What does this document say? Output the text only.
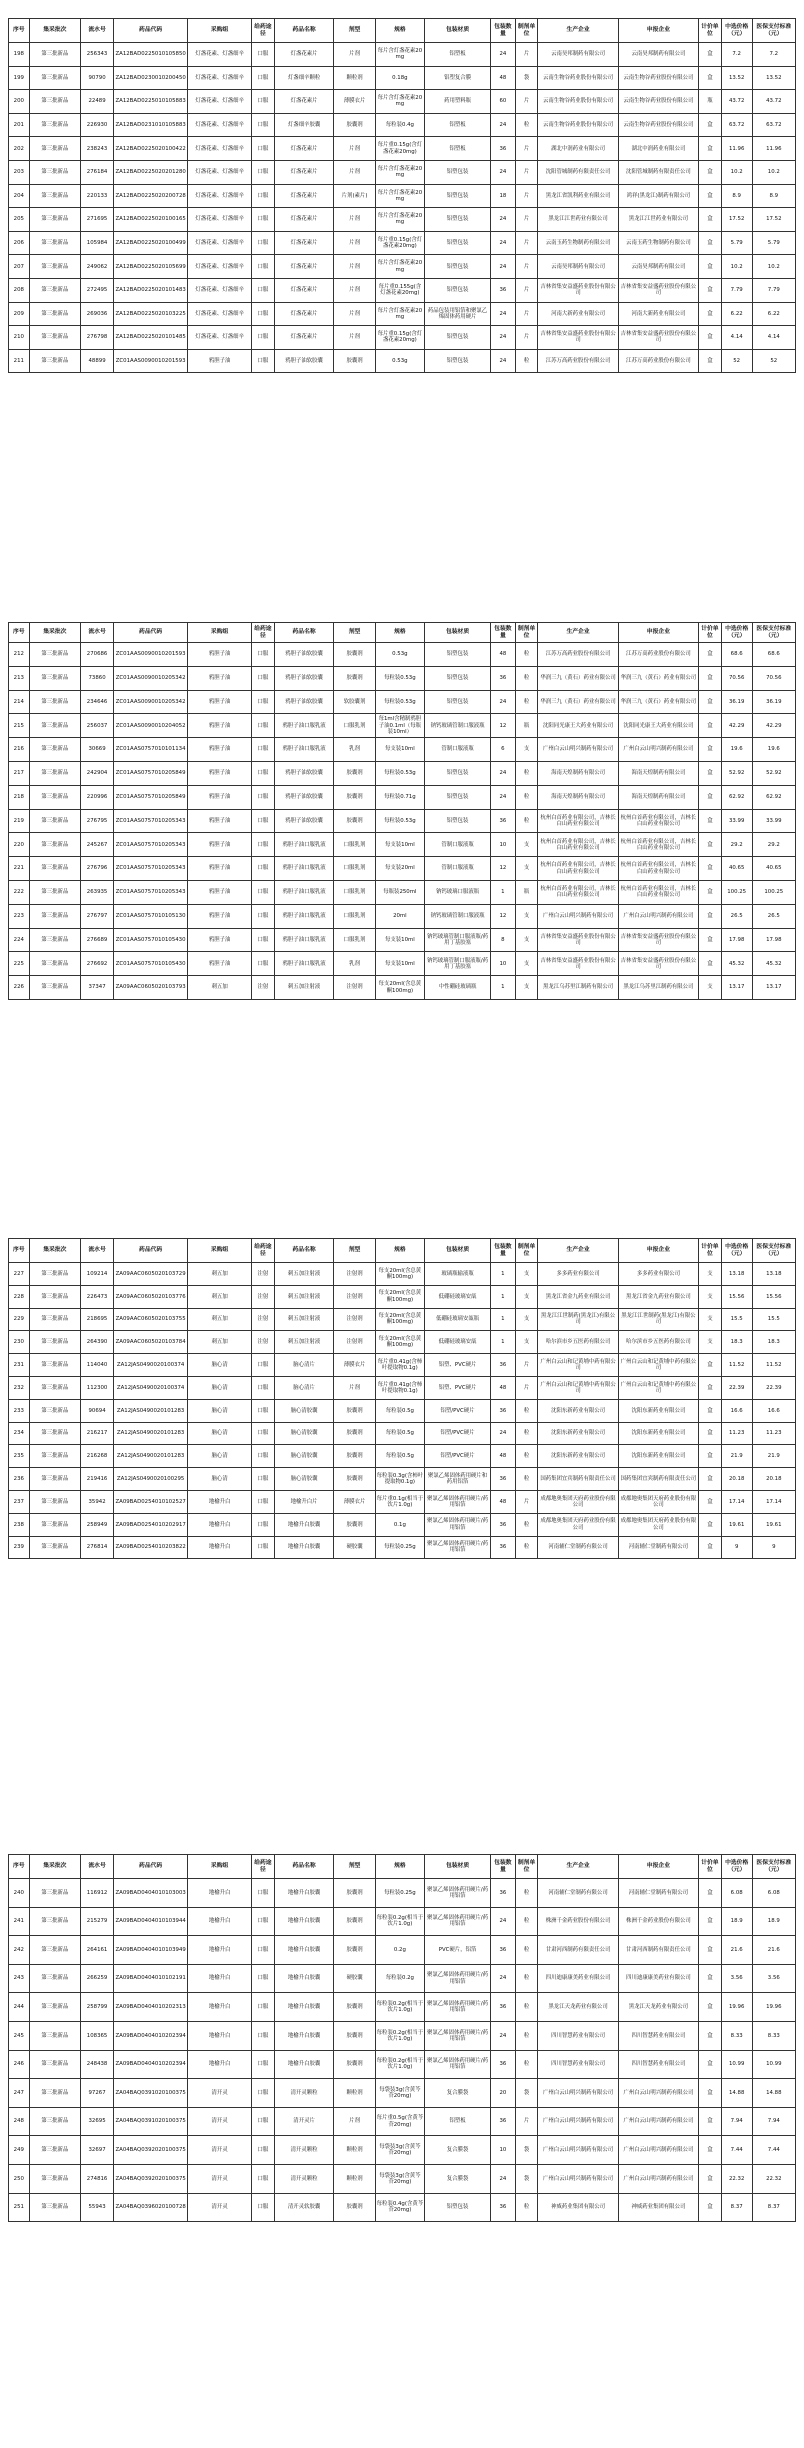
序号	集采批次	流水号	药品代码	采购组	给药途径	药品名称	剂型	规格	包装材质	包装数量	制剂单位	生产企业	申报企业	计价单位	中选价格（元）	医保支付标准（元）
198	第三批新品	256343	ZA12BAD0225010105850	灯盏花素、灯盏细辛	口服	灯盏花素片	片剂	每片含灯盏花素20mg	铝塑板	24	片	云南昊邦制药有限公司	云南昊邦制药有限公司	盒	7.2	7.2
199	第三批新品	90790	ZA12BAD0230010200450	灯盏花素、灯盏细辛	口服	灯盏细辛颗粒	颗粒剂	0.18g	铝塑复合膜	48	袋	云南生物谷药业股份有限公司	云南生物谷药业股份有限公司	盒	13.52	13.52
200	第三批新品	22489	ZA12BAD0225010105883	灯盏花素、灯盏细辛	口服	灯盏花素片	薄膜衣片	每片含灯盏花素20mg	药用塑料瓶	60	片	云南生物谷药业股份有限公司	云南生物谷药业股份有限公司	瓶	43.72	43.72
201	第三批新品	226930	ZA12BAD0231010105883	灯盏花素、灯盏细辛	口服	灯盏细辛胶囊	胶囊剂	每粒装0.4g	铝塑板	24	粒	云南生物谷药业股份有限公司	云南生物谷药业股份有限公司	盒	63.72	63.72
202	第三批新品	238243	ZA12BAD0225020100422	灯盏花素、灯盏细辛	口服	灯盏花素片	片剂	每片重0.15g(含灯盏花素20mg)	铝塑板	36	片	湖北中润药业有限公司	湖北中润药业有限公司	盒	11.96	11.96
203	第三批新品	276184	ZA12BAD0225020201280	灯盏花素、灯盏细辛	口服	灯盏花素片	片剂	每片含灯盏花素20mg	铝塑包装	24	片	沈阳管城制药有限责任公司	沈阳管城制药有限责任公司	盒	10.2	10.2
204	第三批新品	220133	ZA12BAD0225020200728	灯盏花素、灯盏细辛	口服	灯盏花素片	片剂(素片)	每片含灯盏花素20mg	铝塑包装	18	片	黑龙江省凯利药业有限公司	鸿祥(黑龙江)制药有限公司	盒	8.9	8.9
205	第三批新品	271695	ZA12BAD0225020100165	灯盏花素、灯盏细辛	口服	灯盏花素片	片剂	每片含灯盏花素20mg	铝塑包装	24	片	黑龙江江世药业有限公司	黑龙江江世药业有限公司	盒	17.52	17.52
206	第三批新品	105984	ZA12BAD0225020100499	灯盏花素、灯盏细辛	口服	灯盏花素片	片剂	每片重0.15g(含灯盏花素20mg)	铝塑包装	24	片	云南玉药生物制药有限公司	云南玉药生物制药有限公司	盒	5.79	5.79
207	第三批新品	249062	ZA12BAD0225020105699	灯盏花素、灯盏细辛	口服	灯盏花素片	片剂	每片含灯盏花素20mg	铝塑包装	24	片	云南昊邦制药有限公司	云南昊邦制药有限公司	盒	10.2	10.2
208	第三批新品	272495	ZA12BAD0225020101483	灯盏花素、灯盏细辛	口服	灯盏花素片	片剂	每片重0.155g(含灯盏花素20mg)	铝塑包装	36	片	吉林省集安益盛药业股份有限公司	吉林省集安益盛药业股份有限公司	盒	7.79	7.79
209	第三批新品	269036	ZA12BAD0225020103225	灯盏花素、灯盏细辛	口服	灯盏花素片	片剂	每片含灯盏花素20mg	药品包装用铝箔和聚氯乙烯固体药用硬片	24	片	河南大新药业有限公司	河南大新药业有限公司	盒	6.22	6.22
210	第三批新品	276798	ZA12BAD0225020101485	灯盏花素、灯盏细辛	口服	灯盏花素片	片剂	每片重0.15g(含灯盏花素20mg)	铝塑包装	24	片	吉林省集安益盛药业股份有限公司	吉林省集安益盛药业股份有限公司	盒	4.14	4.14
211	第三批新品	48899	ZC01AAS0090010201593	鸦胆子油	口服	鸦胆子油软胶囊	胶囊剂	0.53g	铝塑包装	24	粒	江苏万高药业股份有限公司	江苏万高药业股份有限公司	盒	52	52
序号	集采批次	流水号	药品代码	采购组	给药途径	药品名称	剂型	规格	包装材质	包装数量	制剂单位	生产企业	申报企业	计价单位	中选价格（元）	医保支付标准（元）
212	第三批新品	270686	ZC01AAS0090010201593	鸦胆子油	口服	鸦胆子油软胶囊	胶囊剂	0.53g	铝塑包装	48	粒	江苏万高药业股份有限公司	江苏万高药业股份有限公司	盒	68.6	68.6
213	第三批新品	73860	ZC01AAS0090010205342	鸦胆子油	口服	鸦胆子油软胶囊	胶囊剂	每粒装0.53g	铝塑包装	36	粒	华润三九（黄石）药业有限公司	华润三九（黄石）药业有限公司	盒	70.56	70.56
214	第三批新品	234646	ZC01AAS0090010205342	鸦胆子油	口服	鸦胆子油软胶囊	软胶囊剂	每粒装0.53g	铝塑包装	24	粒	华润三九（黄石）药业有限公司	华润三九（黄石）药业有限公司	盒	36.19	36.19
215	第三批新品	256037	ZC01AAS0090010204052	鸦胆子油	口服	鸦胆子油口服乳液	口服乳剂	每1ml含精制鸦胆子油0.1ml（每瓶装10ml）	钠钙玻璃管制口服液瓶	12	瓶	沈阳同光康王大药业有限公司	沈阳同光康王大药业有限公司	盒	42.29	42.29
216	第三批新品	30669	ZC01AAS0757010101134	鸦胆子油	口服	鸦胆子油口服乳液	乳剂	每支装10ml	管制口服液瓶	6	支	广州白云山明兴制药有限公司	广州白云山明兴制药有限公司	盒	19.6	19.6
217	第三批新品	242904	ZC01AAS0757010205849	鸦胆子油	口服	鸦胆子油软胶囊	胶囊剂	每粒装0.53g	铝塑包装	24	粒	海南天煌制药有限公司	海南天煌制药有限公司	盒	52.92	52.92
218	第三批新品	220996	ZC01AAS0757010205849	鸦胆子油	口服	鸦胆子油软胶囊	胶囊剂	每粒装0.71g	铝塑包装	24	粒	海南天煌制药有限公司	海南天煌制药有限公司	盒	62.92	62.92
219	第三批新品	276795	ZC01AAS0757010205343	鸦胆子油	口服	鸦胆子油软胶囊	胶囊剂	每粒装0.53g	铝塑包装	36	粒	杭州白首药业有限公司，吉林长白山药业有限公司	杭州白首药业有限公司，吉林长白山药业有限公司	盒	33.99	33.99
220	第三批新品	245267	ZC01AAS0757010205343	鸦胆子油	口服	鸦胆子油口服乳液	口服乳剂	每支装10ml	管制口服液瓶	10	支	杭州白首药业有限公司，吉林长白山药业有限公司	杭州白首药业有限公司，吉林长白山药业有限公司	盒	29.2	29.2
221	第三批新品	276796	ZC01AAS0757010205343	鸦胆子油	口服	鸦胆子油口服乳液	口服乳剂	每支装20ml	管制口服液瓶	12	支	杭州白首药业有限公司，吉林长白山药业有限公司	杭州白首药业有限公司，吉林长白山药业有限公司	盒	40.65	40.65
222	第三批新品	263935	ZC01AAS0757010205343	鸦胆子油	口服	鸦胆子油口服乳液	口服乳剂	每瓶装250ml	钠钙玻璃口服液瓶	1	瓶	杭州白首药业有限公司，吉林长白山药业有限公司	杭州白首药业有限公司，吉林长白山药业有限公司	盒	100.25	100.25
223	第三批新品	276797	ZC01AAS0757010105130	鸦胆子油	口服	鸦胆子油口服乳液	口服乳剂	20ml	钠钙玻璃管制口服液瓶	12	支	广州白云山明兴制药有限公司	广州白云山明兴制药有限公司	盒	26.5	26.5
224	第三批新品	276689	ZC01AAS0757010105430	鸦胆子油	口服	鸦胆子油口服乳液	口服乳剂	每支装10ml	钠钙玻璃管制口服液瓶/药用丁基胶塞	8	支	吉林省集安益盛药业股份有限公司	吉林省集安益盛药业股份有限公司	盒	17.98	17.98
225	第三批新品	276692	ZC01AAS0757010105430	鸦胆子油	口服	鸦胆子油口服乳液	乳剂	每支装10ml	钠钙玻璃管制口服液瓶/药用丁基胶塞	10	支	吉林省集安益盛药业股份有限公司	吉林省集安益盛药业股份有限公司	盒	45.32	45.32
226	第三批新品	37347	ZA09AAC0605020103793	刺五加	注射	刺五加注射液	注射剂	每支20ml(含总黄酮100mg)	中性硼硅玻璃瓶	1	支	黑龙江乌苏里江制药有限公司	黑龙江乌苏里江制药有限公司	支	13.17	13.17
序号	集采批次	流水号	药品代码	采购组	给药途径	药品名称	剂型	规格	包装材质	包装数量	制剂单位	生产企业	申报企业	计价单位	中选价格（元）	医保支付标准（元）
227	第三批新品	109214	ZA09AAC0605020103729	刺五加	注射	刺五加注射液	注射剂	每支20ml(含总黄酮100mg)	玻璃瓶输液瓶	1	支	多多药业有限公司	多多药业有限公司	支	13.18	13.18
228	第三批新品	226473	ZA09AAC0605020103776	刺五加	注射	刺五加注射液	注射剂	每支20ml(含总黄酮100mg)	低硼硅玻璃安瓿	1	支	黑龙江省金九药业有限公司	黑龙江省金九药业有限公司	支	15.56	15.56
229	第三批新品	218695	ZA09AAC0605020103755	刺五加	注射	刺五加注射液	注射剂	每支20ml(含总黄酮100mg)	低硼硅玻璃安瓿瓶	1	支	黑龙江江世制药(黑龙江)有限公司	黑龙江江世制药(黑龙江)有限公司	支	15.5	15.5
230	第三批新品	264390	ZA09AAC0605020103784	刺五加	注射	刺五加注射液	注射剂	每支20ml(含总黄酮100mg)	低硼硅玻璃安瓿	1	支	哈尔滨市乡五医药有限公司	哈尔滨市乡五医药有限公司	支	18.3	18.3
231	第三批新品	114040	ZA12JAS0490020100374	脑心清	口服	脑心清片	薄膜衣片	每片重0.41g(含柿叶提取物0.1g)	铝塑、PVC硬片	36	片	广州白云山和记黄埔中药有限公司	广州白云山和记黄埔中药有限公司	盒	11.52	11.52
232	第三批新品	112300	ZA12JAS0490020100374	脑心清	口服	脑心清片	片剂	每片重0.41g(含柿叶提取物0.1g)	铝塑、PVC硬片	48	片	广州白云山和记黄埔中药有限公司	广州白云山和记黄埔中药有限公司	盒	22.39	22.39
233	第三批新品	90694	ZA12JAS0490020101283	脑心清	口服	脑心清胶囊	胶囊剂	每粒装0.5g	铝塑/PVC硬片	36	粒	沈阳东新药业有限公司	沈阳东新药业有限公司	盒	16.6	16.6
234	第三批新品	216217	ZA12JAS0490020101283	脑心清	口服	脑心清胶囊	胶囊剂	每粒装0.5g	铝塑/PVC硬片	24	粒	沈阳东新药业有限公司	沈阳东新药业有限公司	盒	11.23	11.23
235	第三批新品	216268	ZA12JAS0490020101283	脑心清	口服	脑心清胶囊	胶囊剂	每粒装0.5g	铝塑/PVC硬片	48	粒	沈阳东新药业有限公司	沈阳东新药业有限公司	盒	21.9	21.9
236	第三批新品	219416	ZA12JAS0490020100295	脑心清	口服	脑心清胶囊	胶囊剂	每粒装0.3g(含柿叶提取物0.1g)	聚氯乙烯固体药用硬片和药用铝箔	36	粒	国药集团宜宾制药有限责任公司	国药集团宜宾制药有限责任公司	盒	20.18	20.18
237	第三批新品	35942	ZA09BAD0254010102527	地榆升白	口服	地榆升白片	薄膜衣片	每片重0.1g(相当于饮片1.0g)	聚氯乙烯固体药用硬片/药用铝箔	48	片	成都地奥集团天府药业股份有限公司	成都地奥集团天府药业股份有限公司	盒	17.14	17.14
238	第三批新品	258949	ZA09BAD0254010202917	地榆升白	口服	地榆升白胶囊	胶囊剂	0.1g	聚氯乙烯固体药用硬片/药用铝箔	36	粒	成都地奥集团天府药业股份有限公司	成都地奥集团天府药业股份有限公司	盒	19.61	19.61
239	第三批新品	276814	ZA09BAD0254010203822	地榆升白	口服	地榆升白胶囊	硬胶囊	每粒装0.25g	聚氯乙烯固体药用硬片/药用铝箔	36	粒	河南辅仁堂制药有限公司	河南辅仁堂制药有限公司	盒	9	9
序号	集采批次	流水号	药品代码	采购组	给药途径	药品名称	剂型	规格	包装材质	包装数量	制剂单位	生产企业	申报企业	计价单位	中选价格（元）	医保支付标准（元）
240	第三批新品	116912	ZA09BAD0404010103003	地榆升白	口服	地榆升白胶囊	胶囊剂	每粒装0.25g	聚氯乙烯固体药用硬片/药用铝箔	36	粒	河南辅仁堂制药有限公司	河南辅仁堂制药有限公司	盒	6.08	6.08
241	第三批新品	215279	ZA09BAD0404010103944	地榆升白	口服	地榆升白胶囊	胶囊剂	每粒装0.2g(相当于饮片1.0g)	聚氯乙烯固体药用硬片/药用铝箔	24	粒	株洲千金药业股份有限公司	株洲千金药业股份有限公司	盒	18.9	18.9
242	第三批新品	264161	ZA09BAD0404010103949	地榆升白	口服	地榆升白胶囊	胶囊剂	0.2g	PVC硬片，铝箔	36	粒	甘肃河西制药有限责任公司	甘肃河西制药有限责任公司	盒	21.6	21.6
243	第三批新品	266259	ZA09BAD0404010102191	地榆升白	口服	地榆升白胶囊	硬胶囊	每粒装0.2g	聚氯乙烯固体药用硬片/药用铝箔	24	粒	四川迪康康美药业有限公司	四川迪康康美药业有限公司	盒	3.56	3.56
244	第三批新品	258799	ZA09BAD0404010202313	地榆升白	口服	地榆升白胶囊	胶囊剂	每粒装0.2g(相当于饮片1.0g)	聚氯乙烯固体药用硬片/药用铝箔	36	粒	黑龙江天龙药业有限公司	黑龙江天龙药业有限公司	盒	19.96	19.96
245	第三批新品	108365	ZA09BAD0404010202394	地榆升白	口服	地榆升白胶囊	胶囊剂	每粒装0.2g(相当于饮片1.0g)	聚氯乙烯固体药用硬片/药用铝箔	24	粒	四川智慧药业有限公司	四川智慧药业有限公司	盒	8.33	8.33
246	第三批新品	248438	ZA09BAD0404010202394	地榆升白	口服	地榆升白胶囊	胶囊剂	每粒装0.2g(相当于饮片1.0g)	聚氯乙烯固体药用硬片/药用铝箔	36	粒	四川智慧药业有限公司	四川智慧药业有限公司	盒	10.99	10.99
247	第三批新品	97267	ZA04BAQ0391020100375	清开灵	口服	清开灵颗粒	颗粒剂	每袋装3g(含黄芩苷20mg)	复合膜袋	20	袋	广州白云山明兴制药有限公司	广州白云山明兴制药有限公司	盒	14.88	14.88
248	第三批新品	32695	ZA04BAQ0391020100375	清开灵	口服	清开灵片	片剂	每片重0.5g(含黄芩苷20mg)	铝塑板	36	片	广州白云山明兴制药有限公司	广州白云山明兴制药有限公司	盒	7.94	7.94
249	第三批新品	32697	ZA04BAQ0392020100375	清开灵	口服	清开灵颗粒	颗粒剂	每袋装3g(含黄芩苷20mg)	复合膜袋	10	袋	广州白云山明兴制药有限公司	广州白云山明兴制药有限公司	盒	7.44	7.44
250	第三批新品	274816	ZA04BAQ0392020100375	清开灵	口服	清开灵颗粒	颗粒剂	每袋装3g(含黄芩苷20mg)	复合膜袋	24	袋	广州白云山明兴制药有限公司	广州白云山明兴制药有限公司	盒	22.32	22.32
251	第三批新品	55943	ZA04BAQ0396020100728	清开灵	口服	清开灵软胶囊	胶囊剂	每粒装0.4g(含黄芩苷20mg)	铝塑包装	36	粒	神威药业集团有限公司	神威药业集团有限公司	盒	8.37	8.37
